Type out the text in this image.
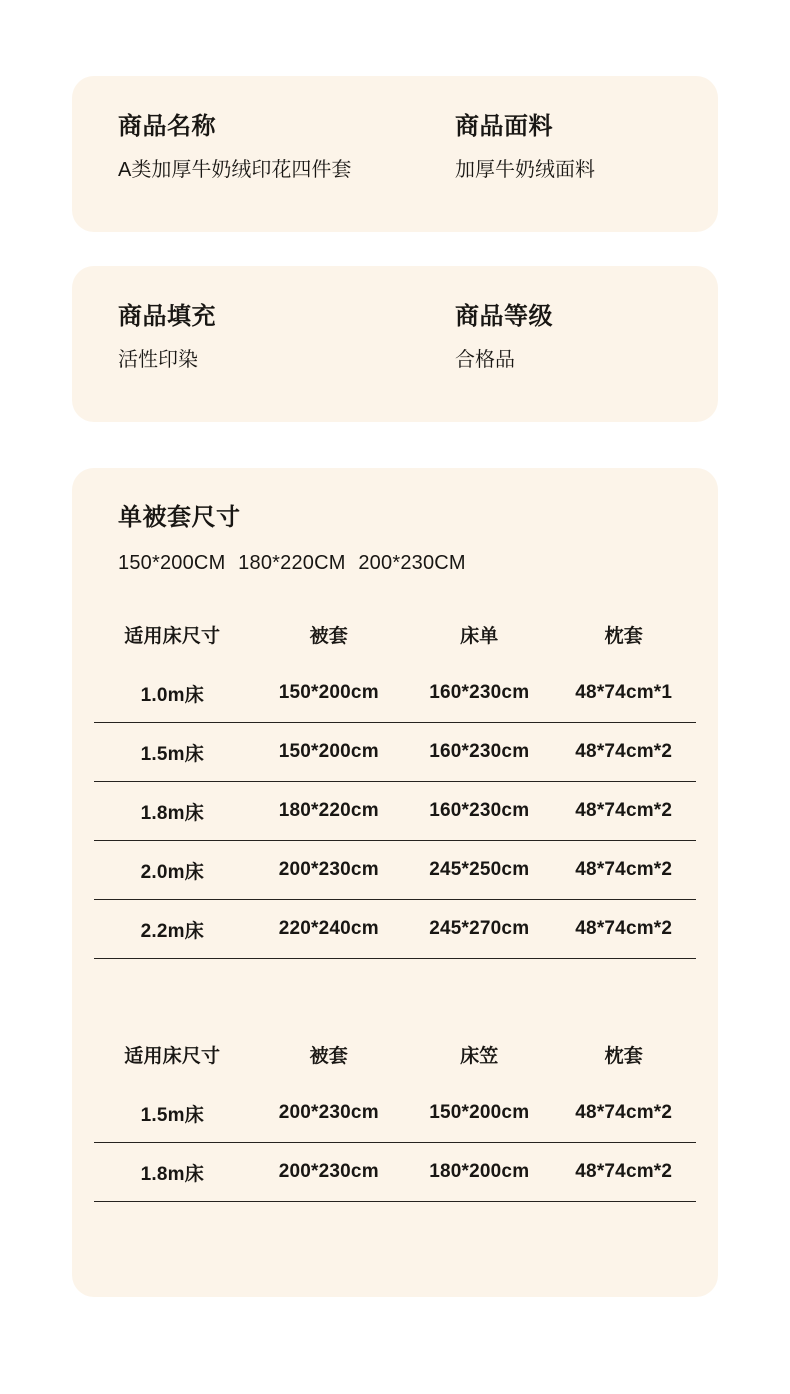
商品名称
A类加厚牛奶绒印花四件套
商品面料
加厚牛奶绒面料
商品填充
活性印染
商品等级
合格品
单被套尺寸
150*200CM 180*220CM 200*230CM
适用床尺寸	被套	床单	枕套
1.0m床	150*200cm	160*230cm	48*74cm*1
1.5m床	150*200cm	160*230cm	48*74cm*2
1.8m床	180*220cm	160*230cm	48*74cm*2
2.0m床	200*230cm	245*250cm	48*74cm*2
2.2m床	220*240cm	245*270cm	48*74cm*2
适用床尺寸	被套	床笠	枕套
1.5m床	200*230cm	150*200cm	48*74cm*2
1.8m床	200*230cm	180*200cm	48*74cm*2
